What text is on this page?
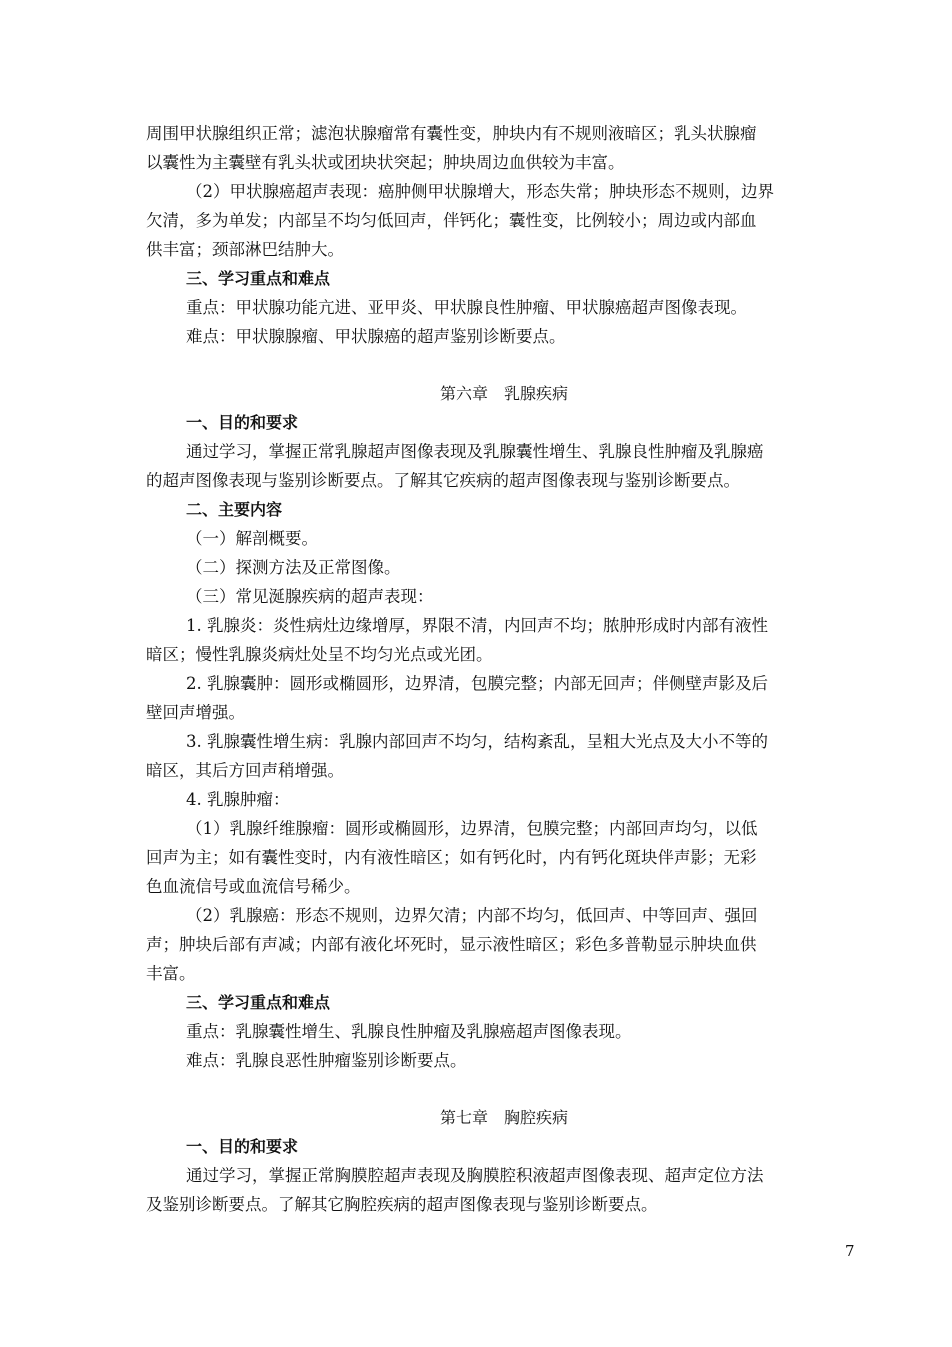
周围甲状腺组织正常；滤泡状腺瘤常有囊性变，肿块内有不规则液暗区；乳头状腺瘤
以囊性为主囊壁有乳头状或团块状突起；肿块周边血供较为丰富。
（2）甲状腺癌超声表现：癌肿侧甲状腺增大，形态失常；肿块形态不规则，边界
欠清，多为单发；内部呈不均匀低回声，伴钙化；囊性变，比例较小；周边或内部血
供丰富；颈部淋巴结肿大。
三、学习重点和难点
重点：甲状腺功能亢进、亚甲炎、甲状腺良性肿瘤、甲状腺癌超声图像表现。
难点：甲状腺腺瘤、甲状腺癌的超声鉴别诊断要点。
第六章　乳腺疾病
一、目的和要求
通过学习，掌握正常乳腺超声图像表现及乳腺囊性增生、乳腺良性肿瘤及乳腺癌
的超声图像表现与鉴别诊断要点。了解其它疾病的超声图像表现与鉴别诊断要点。
二、主要内容
（一）解剖概要。
（二）探测方法及正常图像。
（三）常见涎腺疾病的超声表现：
1. 乳腺炎：炎性病灶边缘增厚，界限不清，内回声不均；脓肿形成时内部有液性
暗区；慢性乳腺炎病灶处呈不均匀光点或光团。
2. 乳腺囊肿：圆形或椭圆形，边界清，包膜完整；内部无回声；伴侧壁声影及后
壁回声增强。
3. 乳腺囊性增生病：乳腺内部回声不均匀，结构紊乱，呈粗大光点及大小不等的
暗区，其后方回声稍增强。
4. 乳腺肿瘤：
（1）乳腺纤维腺瘤：圆形或椭圆形，边界清，包膜完整；内部回声均匀，以低
回声为主；如有囊性变时，内有液性暗区；如有钙化时，内有钙化斑块伴声影；无彩
色血流信号或血流信号稀少。
（2）乳腺癌：形态不规则，边界欠清；内部不均匀，低回声、中等回声、强回
声；肿块后部有声减；内部有液化坏死时，显示液性暗区；彩色多普勒显示肿块血供
丰富。
三、学习重点和难点
重点：乳腺囊性增生、乳腺良性肿瘤及乳腺癌超声图像表现。
难点：乳腺良恶性肿瘤鉴别诊断要点。
第七章　胸腔疾病
一、目的和要求
通过学习，掌握正常胸膜腔超声表现及胸膜腔积液超声图像表现、超声定位方法
及鉴别诊断要点。了解其它胸腔疾病的超声图像表现与鉴别诊断要点。
7
